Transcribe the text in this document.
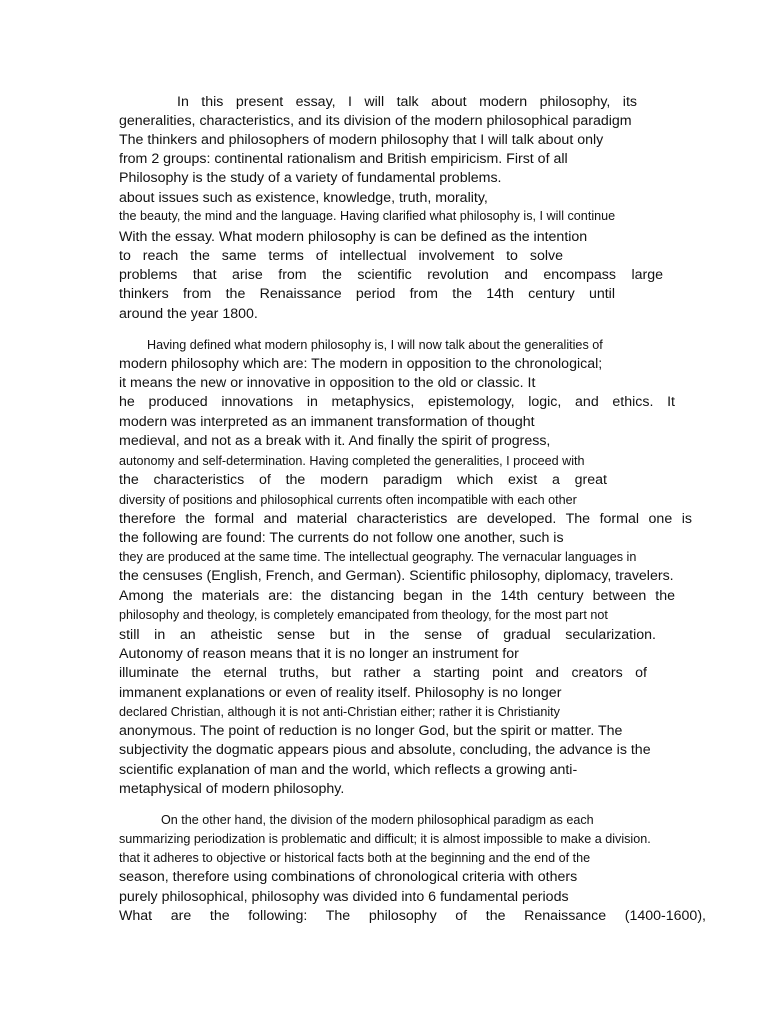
In this present essay, I will talk about modern philosophy, its
generalities, characteristics, and its division of the modern philosophical paradigm
The thinkers and philosophers of modern philosophy that I will talk about only
from 2 groups: continental rationalism and British empiricism. First of all
Philosophy is the study of a variety of fundamental problems.
about issues such as existence, knowledge, truth, morality,
the beauty, the mind and the language. Having clarified what philosophy is, I will continue
With the essay. What modern philosophy is can be defined as the intention
to reach the same terms of intellectual involvement to solve
problems that arise from the scientific revolution and encompass large
thinkers from the Renaissance period from the 14th century until
around the year 1800.
Having defined what modern philosophy is, I will now talk about the generalities of
modern philosophy which are: The modern in opposition to the chronological;
it means the new or innovative in opposition to the old or classic. It
he produced innovations in metaphysics, epistemology, logic, and ethics. It
modern was interpreted as an immanent transformation of thought
medieval, and not as a break with it. And finally the spirit of progress,
autonomy and self-determination. Having completed the generalities, I proceed with
the characteristics of the modern paradigm which exist a great
diversity of positions and philosophical currents often incompatible with each other
therefore the formal and material characteristics are developed. The formal one is
the following are found: The currents do not follow one another, such is
they are produced at the same time. The intellectual geography. The vernacular languages in
the censuses (English, French, and German). Scientific philosophy, diplomacy, travelers.
Among the materials are: the distancing began in the 14th century between the
philosophy and theology, is completely emancipated from theology, for the most part not
still in an atheistic sense but in the sense of gradual secularization.
Autonomy of reason means that it is no longer an instrument for
illuminate the eternal truths, but rather a starting point and creators of
immanent explanations or even of reality itself. Philosophy is no longer
declared Christian, although it is not anti-Christian either; rather it is Christianity
anonymous. The point of reduction is no longer God, but the spirit or matter. The
subjectivity the dogmatic appears pious and absolute, concluding, the advance is the
scientific explanation of man and the world, which reflects a growing anti-
metaphysical of modern philosophy.
On the other hand, the division of the modern philosophical paradigm as each
summarizing periodization is problematic and difficult; it is almost impossible to make a division.
that it adheres to objective or historical facts both at the beginning and the end of the
season, therefore using combinations of chronological criteria with others
purely philosophical, philosophy was divided into 6 fundamental periods
What are the following: The philosophy of the Renaissance (1400-1600),
